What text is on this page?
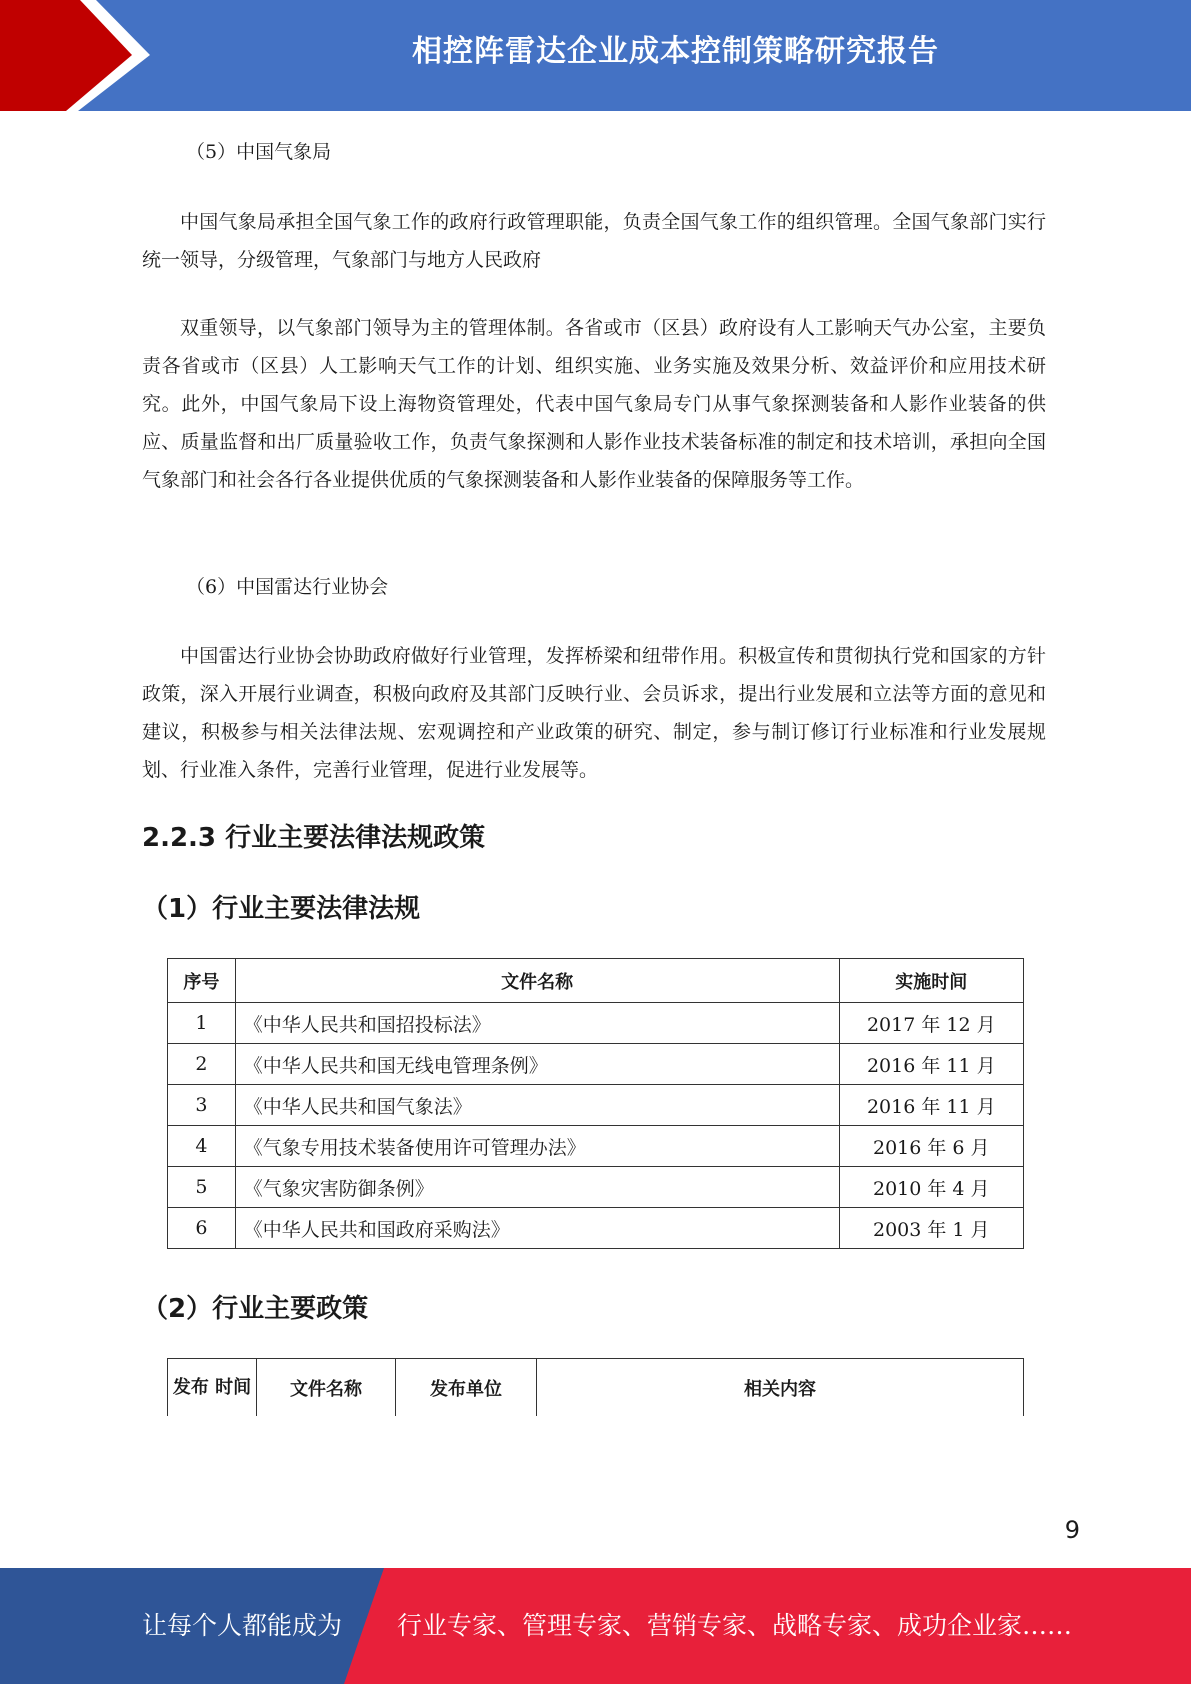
相控阵雷达企业成本控制策略研究报告

（5）中国气象局

中国气象局承担全国气象工作的政府行政管理职能，负责全国气象工作的组织管理。全国气象部门实行统一领导，分级管理，气象部门与地方人民政府

双重领导，以气象部门领导为主的管理体制。各省或市（区县）政府设有人工影响天气办公室，主要负责各省或市（区县）人工影响天气工作的计划、组织实施、业务实施及效果分析、效益评价和应用技术研究。此外，中国气象局下设上海物资管理处，代表中国气象局专门从事气象探测装备和人影作业装备的供应、质量监督和出厂质量验收工作，负责气象探测和人影作业技术装备标准的制定和技术培训，承担向全国气象部门和社会各行各业提供优质的气象探测装备和人影作业装备的保障服务等工作。

（6）中国雷达行业协会

中国雷达行业协会协助政府做好行业管理，发挥桥梁和纽带作用。积极宣传和贯彻执行党和国家的方针政策，深入开展行业调查，积极向政府及其部门反映行业、会员诉求，提出行业发展和立法等方面的意见和建议，积极参与相关法律法规、宏观调控和产业政策的研究、制定，参与制订修订行业标准和行业发展规划、行业准入条件，完善行业管理，促进行业发展等。

2.2.3 行业主要法律法规政策
（1）行业主要法律法规
序号	文件名称	实施时间
1	《中华人民共和国招投标法》	2017 年 12 月
2	《中华人民共和国无线电管理条例》	2016 年 11 月
3	《中华人民共和国气象法》	2016 年 11 月
4	《气象专用技术装备使用许可管理办法》	2016 年 6 月
5	《气象灾害防御条例》	2010 年 4 月
6	《中华人民共和国政府采购法》	2003 年 1 月
（2）行业主要政策
发布 时间	文件名称	发布单位	相关内容
9
让每个人都能成为 行业专家、管理专家、营销专家、战略专家、成功企业家……
